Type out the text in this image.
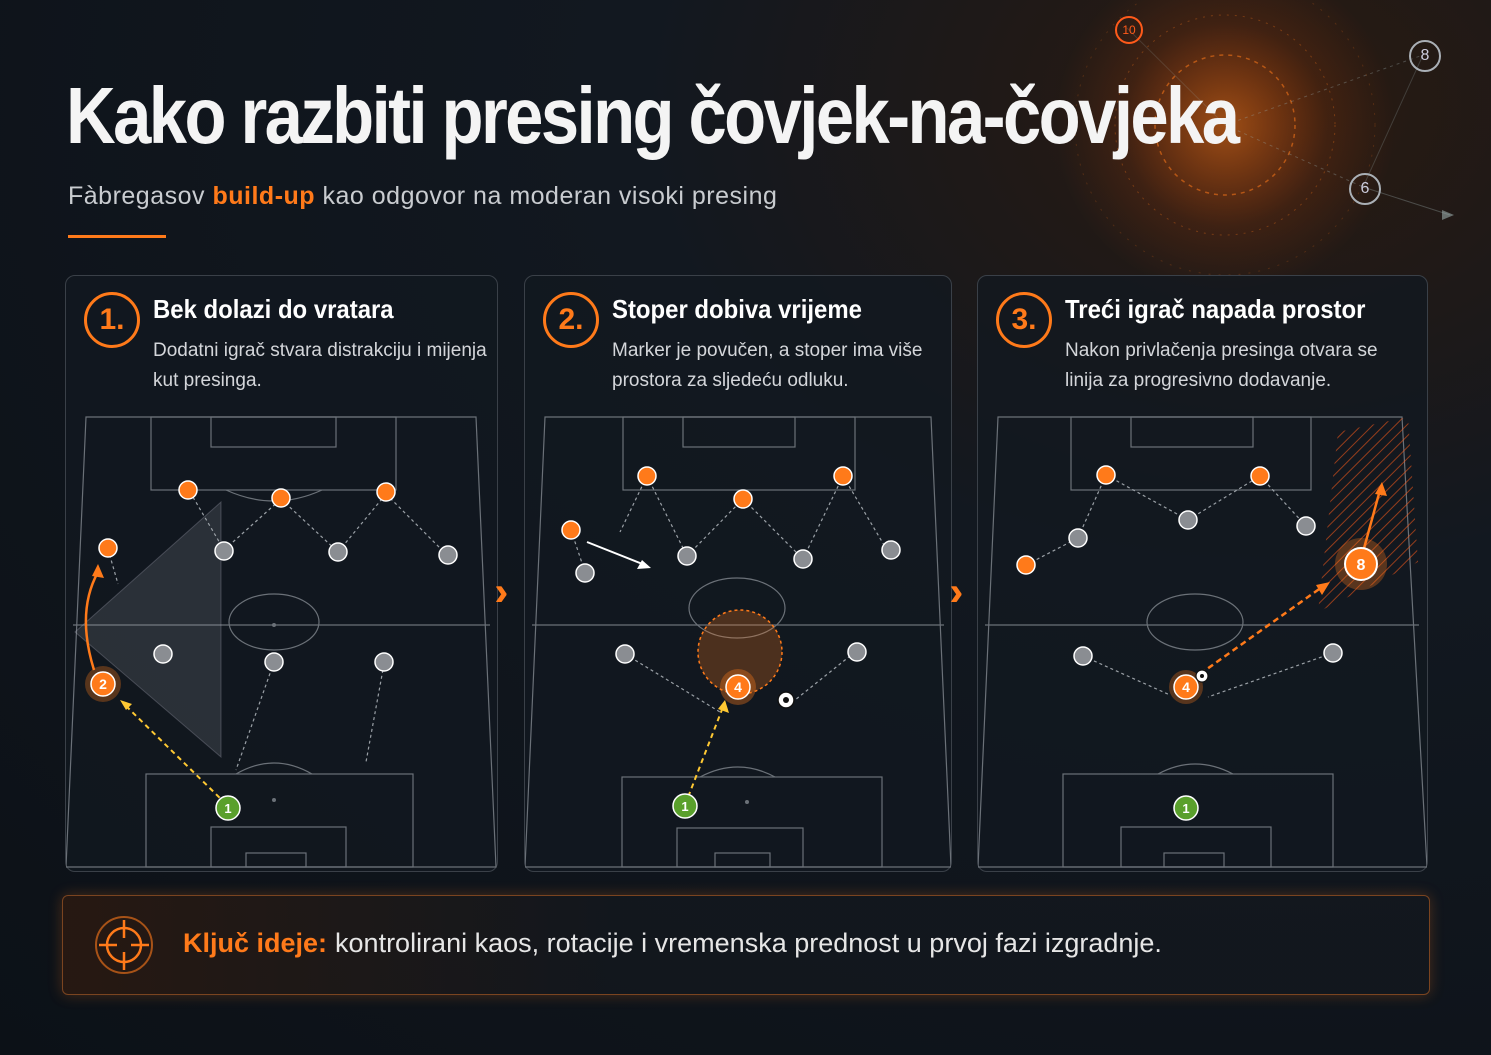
10
8
6
Kako razbiti presing čovjek-na-čovjeka
Fàbregasov build-up kao odgovor na moderan visoki presing
1.	Bek dolazi do vratara
Dodatni igrač stvara distrakciju i mijenja kut presinga.
2
1
2.	Stoper dobiva vrijeme
Marker je povučen, a stoper ima više prostora za sljedeću odluku.
4
1
3.	Treći igrač napada prostor
Nakon privlačenja presinga otvara se linija za progresivno dodavanje.
8
4
1
Ključ ideje: kontrolirani kaos, rotacije i vremenska prednost u prvoj fazi izgradnje.
